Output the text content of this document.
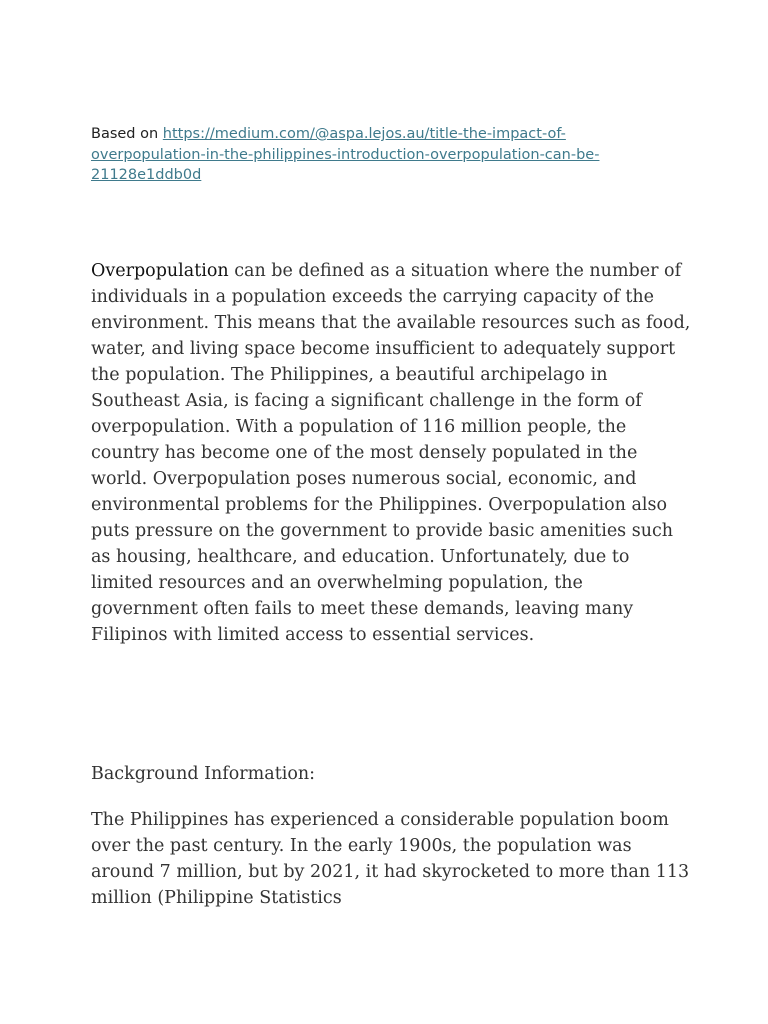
Based on https://medium.com/@aspa.lejos.au/title-the-impact-of-
overpopulation-in-the-philippines-introduction-overpopulation-can-be-
21128e1ddb0d

Overpopulation can be defined as a situation where the number of individuals in a population exceeds the carrying capacity of the environment. This means that the available resources such as food, water, and living space become insufficient to adequately support the population. The Philippines, a beautiful archipelago in Southeast Asia, is facing a significant challenge in the form of overpopulation. With a population of 116 million people, the country has become one of the most densely populated in the world. Overpopulation poses numerous social, economic, and environmental problems for the Philippines. Overpopulation also puts pressure on the government to provide basic amenities such as housing, healthcare, and education. Unfortunately, due to limited resources and an overwhelming population, the government often fails to meet these demands, leaving many Filipinos with limited access to essential services.

Background Information:

The Philippines has experienced a considerable population boom over the past century. In the early 1900s, the population was around 7 million, but by 2021, it had skyrocketed to more than 113 million (Philippine Statistics
